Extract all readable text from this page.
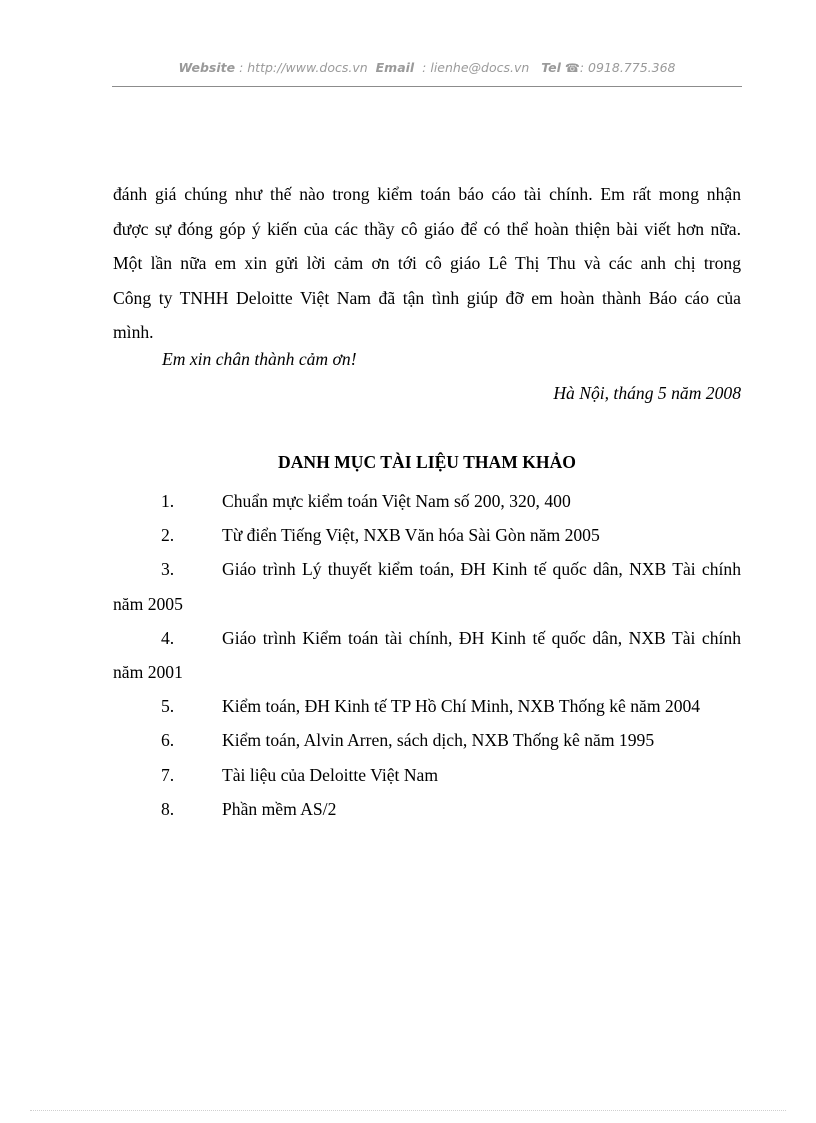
Website : http://www.docs.vn Email : lienhe@docs.vn Tel ☎: 0918.775.368

đánh giá chúng như thế nào trong kiểm toán báo cáo tài chính. Em rất mong nhận

được sự đóng góp ý kiến của các thầy cô giáo để có thể hoàn thiện bài viết hơn nữa.

Một lần nữa em xin gửi lời cảm ơn tới cô giáo Lê Thị Thu và các anh chị trong

Công ty TNHH Deloitte Việt Nam đã tận tình giúp đỡ em hoàn thành Báo cáo của

mình.

Em xin chân thành cảm ơn!
Hà Nội, tháng 5 năm 2008
DANH MỤC TÀI LIỆU THAM KHẢO
1.	Chuẩn mực kiểm toán Việt Nam số 200, 320, 400
2.	Từ điển Tiếng Việt, NXB Văn hóa Sài Gòn năm 2005
3.	Giáo trình Lý thuyết kiểm toán, ĐH Kinh tế quốc dân, NXB Tài chính
năm 2005
4.	Giáo trình Kiểm toán tài chính, ĐH Kinh tế quốc dân, NXB Tài chính
năm 2001
5.	Kiểm toán, ĐH Kinh tế TP Hồ Chí Minh, NXB Thống kê năm 2004
6.	Kiểm toán, Alvin Arren, sách dịch, NXB Thống kê năm 1995
7.	Tài liệu của Deloitte Việt Nam
8.	Phần mềm AS/2
